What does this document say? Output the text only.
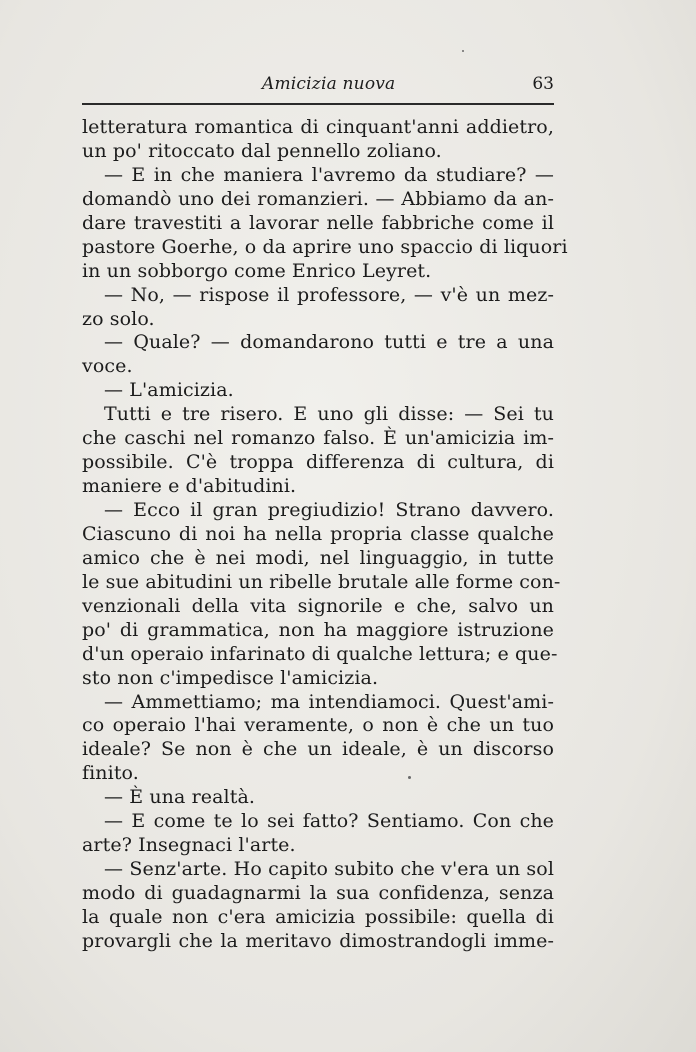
Amicizia nuova	63
letteratura romantica di cinquant'anni addietro,
un po' ritoccato dal pennello zoliano.
— E in che maniera l'avremo da studiare? —
domandò uno dei romanzieri. — Abbiamo da an-
dare travestiti a lavorar nelle fabbriche come il
pastore Goerhe, o da aprire uno spaccio di liquori
in un sobborgo come Enrico Leyret.
— No, — rispose il professore, — v'è un mez-
zo solo.
— Quale? — domandarono tutti e tre a una
voce.
— L'amicizia.
Tutti e tre risero. E uno gli disse: — Sei tu
che caschi nel romanzo falso. È un'amicizia im-
possibile. C'è troppa differenza di cultura, di
maniere e d'abitudini.
— Ecco il gran pregiudizio! Strano davvero.
Ciascuno di noi ha nella propria classe qualche
amico che è nei modi, nel linguaggio, in tutte
le sue abitudini un ribelle brutale alle forme con-
venzionali della vita signorile e che, salvo un
po' di grammatica, non ha maggiore istruzione
d'un operaio infarinato di qualche lettura; e que-
sto non c'impedisce l'amicizia.
— Ammettiamo; ma intendiamoci. Quest'ami-
co operaio l'hai veramente, o non è che un tuo
ideale? Se non è che un ideale, è un discorso
finito.
— È una realtà.
— E come te lo sei fatto? Sentiamo. Con che
arte? Insegnaci l'arte.
— Senz'arte. Ho capito subito che v'era un sol
modo di guadagnarmi la sua confidenza, senza
la quale non c'era amicizia possibile: quella di
provargli che la meritavo dimostrandogli imme-
